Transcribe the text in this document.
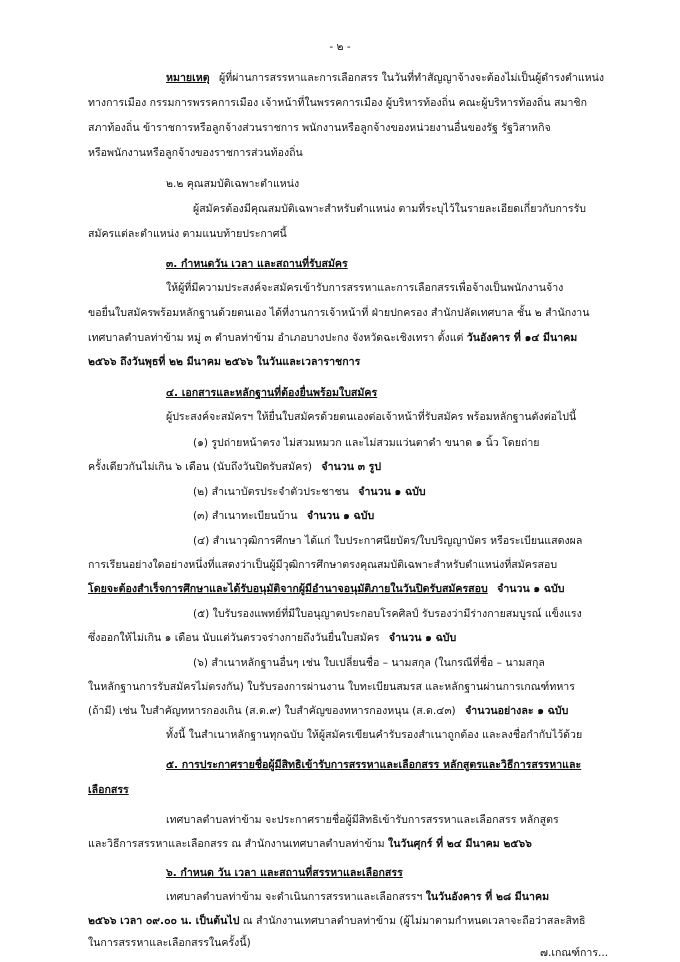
- ๒ -
หมายเหตุ ผู้ที่ผ่านการสรรหาและการเลือกสรร ในวันที่ทำสัญญาจ้างจะต้องไม่เป็นผู้ดำรงตำแหน่ง
ทางการเมือง กรรมการพรรคการเมือง เจ้าหน้าที่ในพรรคการเมือง ผู้บริหารท้องถิ่น คณะผู้บริหารท้องถิ่น สมาชิก
สภาท้องถิ่น ข้าราชการหรือลูกจ้างส่วนราชการ พนักงานหรือลูกจ้างของหน่วยงานอื่นของรัฐ รัฐวิสาหกิจ
หรือพนักงานหรือลูกจ้างของราชการส่วนท้องถิ่น
๒.๒ คุณสมบัติเฉพาะตำแหน่ง
ผู้สมัครต้องมีคุณสมบัติเฉพาะสำหรับตำแหน่ง ตามที่ระบุไว้ในรายละเอียดเกี่ยวกับการรับ
สมัครแต่ละตำแหน่ง ตามแนบท้ายประกาศนี้
๓. กำหนดวัน เวลา และสถานที่รับสมัคร
ให้ผู้ที่มีความประสงค์จะสมัครเข้ารับการสรรหาและการเลือกสรรเพื่อจ้างเป็นพนักงานจ้าง
ขอยื่นใบสมัครพร้อมหลักฐานด้วยตนเอง ได้ที่งานการเจ้าหน้าที่ ฝ่ายปกครอง สำนักปลัดเทศบาล ชั้น ๒ สำนักงาน
เทศบาลตำบลท่าข้าม หมู่ ๓ ตำบลท่าข้าม อำเภอบางปะกง จังหวัดฉะเชิงเทรา ตั้งแต่ วันอังคาร ที่ ๑๔ มีนาคม
๒๕๖๖ ถึงวันพุธที่ ๒๒ มีนาคม ๒๕๖๖ ในวันและเวลาราชการ
๔. เอกสารและหลักฐานที่ต้องยื่นพร้อมใบสมัคร
ผู้ประสงค์จะสมัครฯ ให้ยื่นใบสมัครด้วยตนเองต่อเจ้าหน้าที่รับสมัคร พร้อมหลักฐานดังต่อไปนี้
(๑) รูปถ่ายหน้าตรง ไม่สวมหมวก และไม่สวมแว่นตาดำ ขนาด ๑ นิ้ว โดยถ่าย
ครั้งเดียวกันไม่เกิน ๖ เดือน (นับถึงวันปิดรับสมัคร) จำนวน ๓ รูป
(๒) สำเนาบัตรประจำตัวประชาชน จำนวน ๑ ฉบับ
(๓) สำเนาทะเบียนบ้าน จำนวน ๑ ฉบับ
(๔) สำเนาวุฒิการศึกษา ได้แก่ ใบประกาศนียบัตร/ใบปริญญาบัตร หรือระเบียนแสดงผล
การเรียนอย่างใดอย่างหนึ่งที่แสดงว่าเป็นผู้มีวุฒิการศึกษาตรงคุณสมบัติเฉพาะสำหรับตำแหน่งที่สมัครสอบ
โดยจะต้องสำเร็จการศึกษาและได้รับอนุมัติจากผู้มีอำนาจอนุมัติภายในวันปิดรับสมัครสอบ จำนวน ๑ ฉบับ
(๕) ใบรับรองแพทย์ที่มีใบอนุญาตประกอบโรคศิลป์ รับรองว่ามีร่างกายสมบูรณ์ แข็งแรง
ซึ่งออกให้ไม่เกิน ๑ เดือน นับแต่วันตรวจร่างกายถึงวันยื่นใบสมัคร จำนวน ๑ ฉบับ
(๖) สำเนาหลักฐานอื่นๆ เช่น ใบเปลี่ยนชื่อ – นามสกุล (ในกรณีที่ชื่อ – นามสกุล
ในหลักฐานการรับสมัครไม่ตรงกัน) ใบรับรองการผ่านงาน ใบทะเบียนสมรส และหลักฐานผ่านการเกณฑ์ทหาร
(ถ้ามี) เช่น ใบสำคัญทหารกองเกิน (ส.ด.๙) ใบสำคัญของทหารกองหนุน (ส.ด.๔๓) จำนวนอย่างละ ๑ ฉบับ
ทั้งนี้ ในสำเนาหลักฐานทุกฉบับ ให้ผู้สมัครเขียนคำรับรองสำเนาถูกต้อง และลงชื่อกำกับไว้ด้วย
๕. การประกาศรายชื่อผู้มีสิทธิเข้ารับการสรรหาและเลือกสรร หลักสูตรและวิธีการสรรหาและ
เลือกสรร
เทศบาลตำบลท่าข้าม จะประกาศรายชื่อผู้มีสิทธิเข้ารับการสรรหาและเลือกสรร หลักสูตร
และวิธีการสรรหาและเลือกสรร ณ สำนักงานเทศบาลตำบลท่าข้าม ในวันศุกร์ ที่ ๒๔ มีนาคม ๒๕๖๖
๖. กำหนด วัน เวลา และสถานที่สรรหาและเลือกสรร
เทศบาลตำบลท่าข้าม จะดำเนินการสรรหาและเลือกสรรฯ ในวันอังคาร ที่ ๒๘ มีนาคม
๒๕๖๖ เวลา ๐๙.๐๐ น. เป็นต้นไป ณ สำนักงานเทศบาลตำบลท่าข้าม (ผู้ไม่มาตามกำหนดเวลาจะถือว่าสละสิทธิ
ในการสรรหาและเลือกสรรในครั้งนี้)
๗.เกณฑ์การ...
